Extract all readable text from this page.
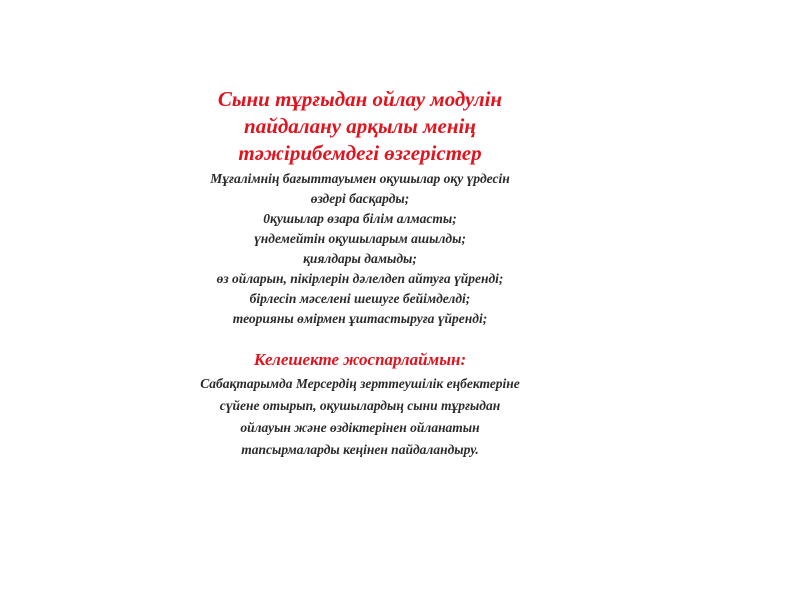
Сыни тұрғыдан ойлау модулін
пайдалану арқылы менің
тәжірибемдегі өзгерістер
Мұғалімнің бағыттауымен оқушылар оқу үрдесін
өздері басқарды;
0қушылар өзара білім алмасты;
үндемейтін оқушыларым ашылды;
қиялдары дамыды;
өз ойларын, пікірлерін дәлелдеп айтуға үйренді;
бірлесіп мәселені шешуге бейімделді;
теорияны өмірмен ұштастыруға үйренді;
Келешекте жоспарлаймын:

Сабақтарымда Мерсердің зерттеушілік еңбектеріне
сүйене отырып, оқушылардың сыни тұрғыдан
ойлауын және өздіктерінен ойланатын
тапсырмаларды кеңінен пайдаландыру.
